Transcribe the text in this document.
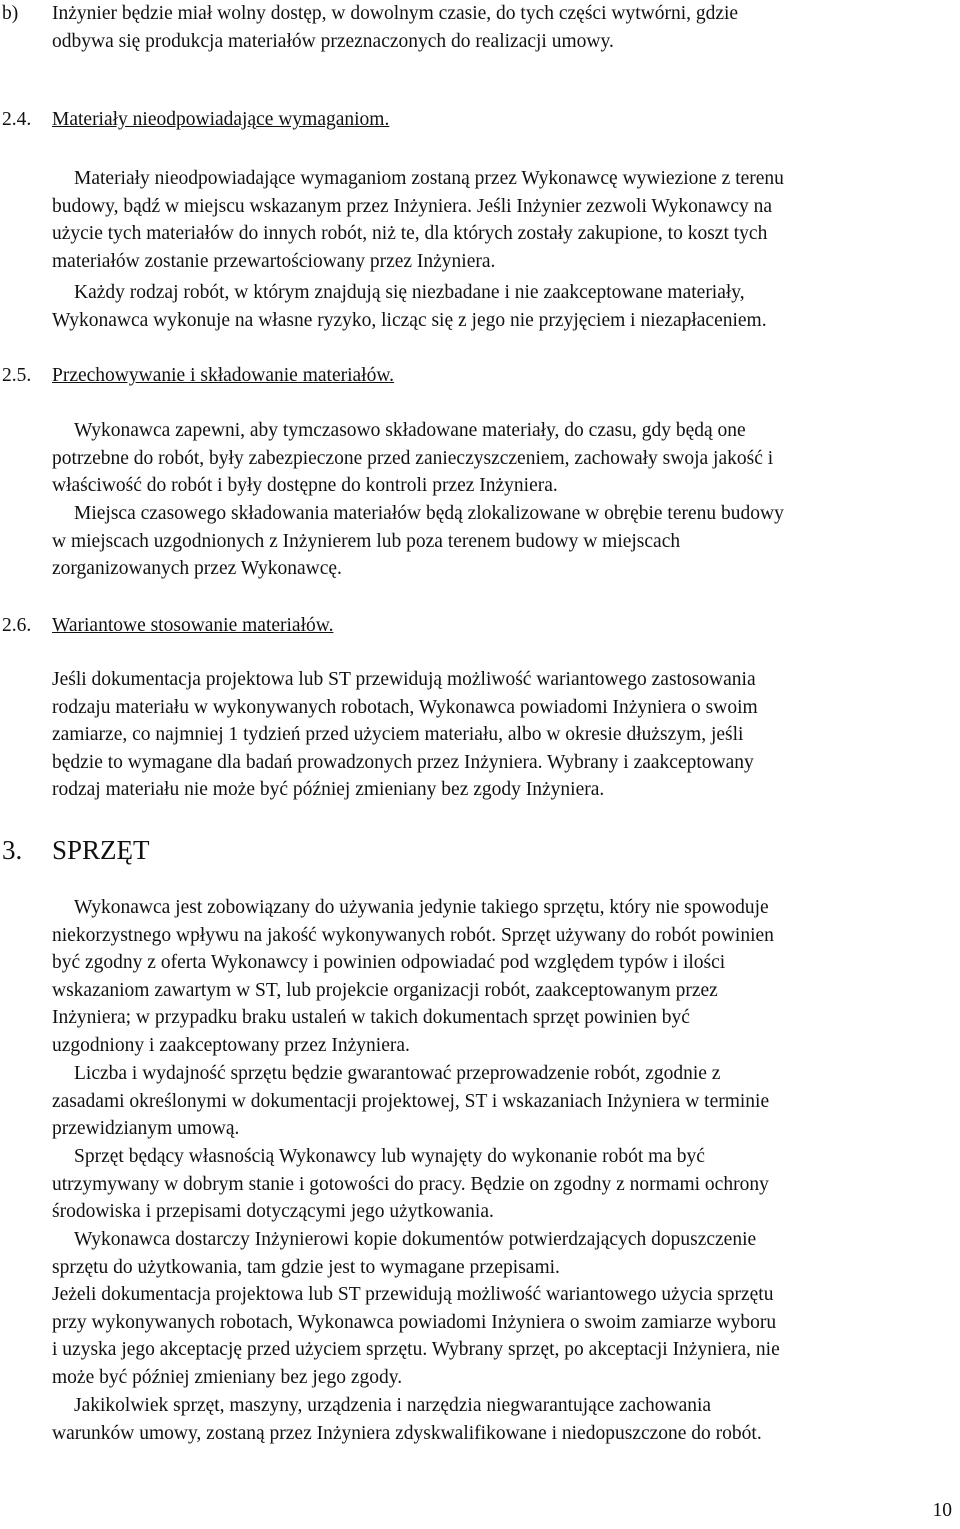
b) Inżynier będzie miał wolny dostęp, w dowolnym czasie, do tych części wytwórni, gdzie
odbywa się produkcja materiałów przeznaczonych do realizacji umowy.
2.4. Materiały nieodpowiadające wymaganiom.
Materiały nieodpowiadające wymaganiom zostaną przez Wykonawcę wywiezione z terenu
budowy, bądź w miejscu wskazanym przez Inżyniera. Jeśli Inżynier zezwoli Wykonawcy na
użycie tych materiałów do innych robót, niż te, dla których zostały zakupione, to koszt tych
materiałów zostanie przewartościowany przez Inżyniera.
Każdy rodzaj robót, w którym znajdują się niezbadane i nie zaakceptowane materiały,
Wykonawca wykonuje na własne ryzyko, licząc się z jego nie przyjęciem i niezapłaceniem.
2.5. Przechowywanie i składowanie materiałów.
Wykonawca zapewni, aby tymczasowo składowane materiały, do czasu, gdy będą one
potrzebne do robót, były zabezpieczone przed zanieczyszczeniem, zachowały swoja jakość i
właściwość do robót i były dostępne do kontroli przez Inżyniera.
Miejsca czasowego składowania materiałów będą zlokalizowane w obrębie terenu budowy
w miejscach uzgodnionych z Inżynierem lub poza terenem budowy w miejscach
zorganizowanych przez Wykonawcę.
2.6. Wariantowe stosowanie materiałów.
Jeśli dokumentacja projektowa lub ST przewidują możliwość wariantowego zastosowania
rodzaju materiału w wykonywanych robotach, Wykonawca powiadomi Inżyniera o swoim
zamiarze, co najmniej 1 tydzień przed użyciem materiału, albo w okresie dłuższym, jeśli
będzie to wymagane dla badań prowadzonych przez Inżyniera. Wybrany i zaakceptowany
rodzaj materiału nie może być później zmieniany bez zgody Inżyniera.
3. SPRZĘT
Wykonawca jest zobowiązany do używania jedynie takiego sprzętu, który nie spowoduje
niekorzystnego wpływu na jakość wykonywanych robót. Sprzęt używany do robót powinien
być zgodny z oferta Wykonawcy i powinien odpowiadać pod względem typów i ilości
wskazaniom zawartym w ST, lub projekcie organizacji robót, zaakceptowanym przez
Inżyniera; w przypadku braku ustaleń w takich dokumentach sprzęt powinien być
uzgodniony i zaakceptowany przez Inżyniera.
Liczba i wydajność sprzętu będzie gwarantować przeprowadzenie robót, zgodnie z
zasadami określonymi w dokumentacji projektowej, ST i wskazaniach Inżyniera w terminie
przewidzianym umową.
Sprzęt będący własnością Wykonawcy lub wynajęty do wykonanie robót ma być
utrzymywany w dobrym stanie i gotowości do pracy. Będzie on zgodny z normami ochrony
środowiska i przepisami dotyczącymi jego użytkowania.
Wykonawca dostarczy Inżynierowi kopie dokumentów potwierdzających dopuszczenie
sprzętu do użytkowania, tam gdzie jest to wymagane przepisami.
Jeżeli dokumentacja projektowa lub ST przewidują możliwość wariantowego użycia sprzętu
przy wykonywanych robotach, Wykonawca powiadomi Inżyniera o swoim zamiarze wyboru
i uzyska jego akceptację przed użyciem sprzętu. Wybrany sprzęt, po akceptacji Inżyniera, nie
może być później zmieniany bez jego zgody.
Jakikolwiek sprzęt, maszyny, urządzenia i narzędzia niegwarantujące zachowania
warunków umowy, zostaną przez Inżyniera zdyskwalifikowane i niedopuszczone do robót.
10
